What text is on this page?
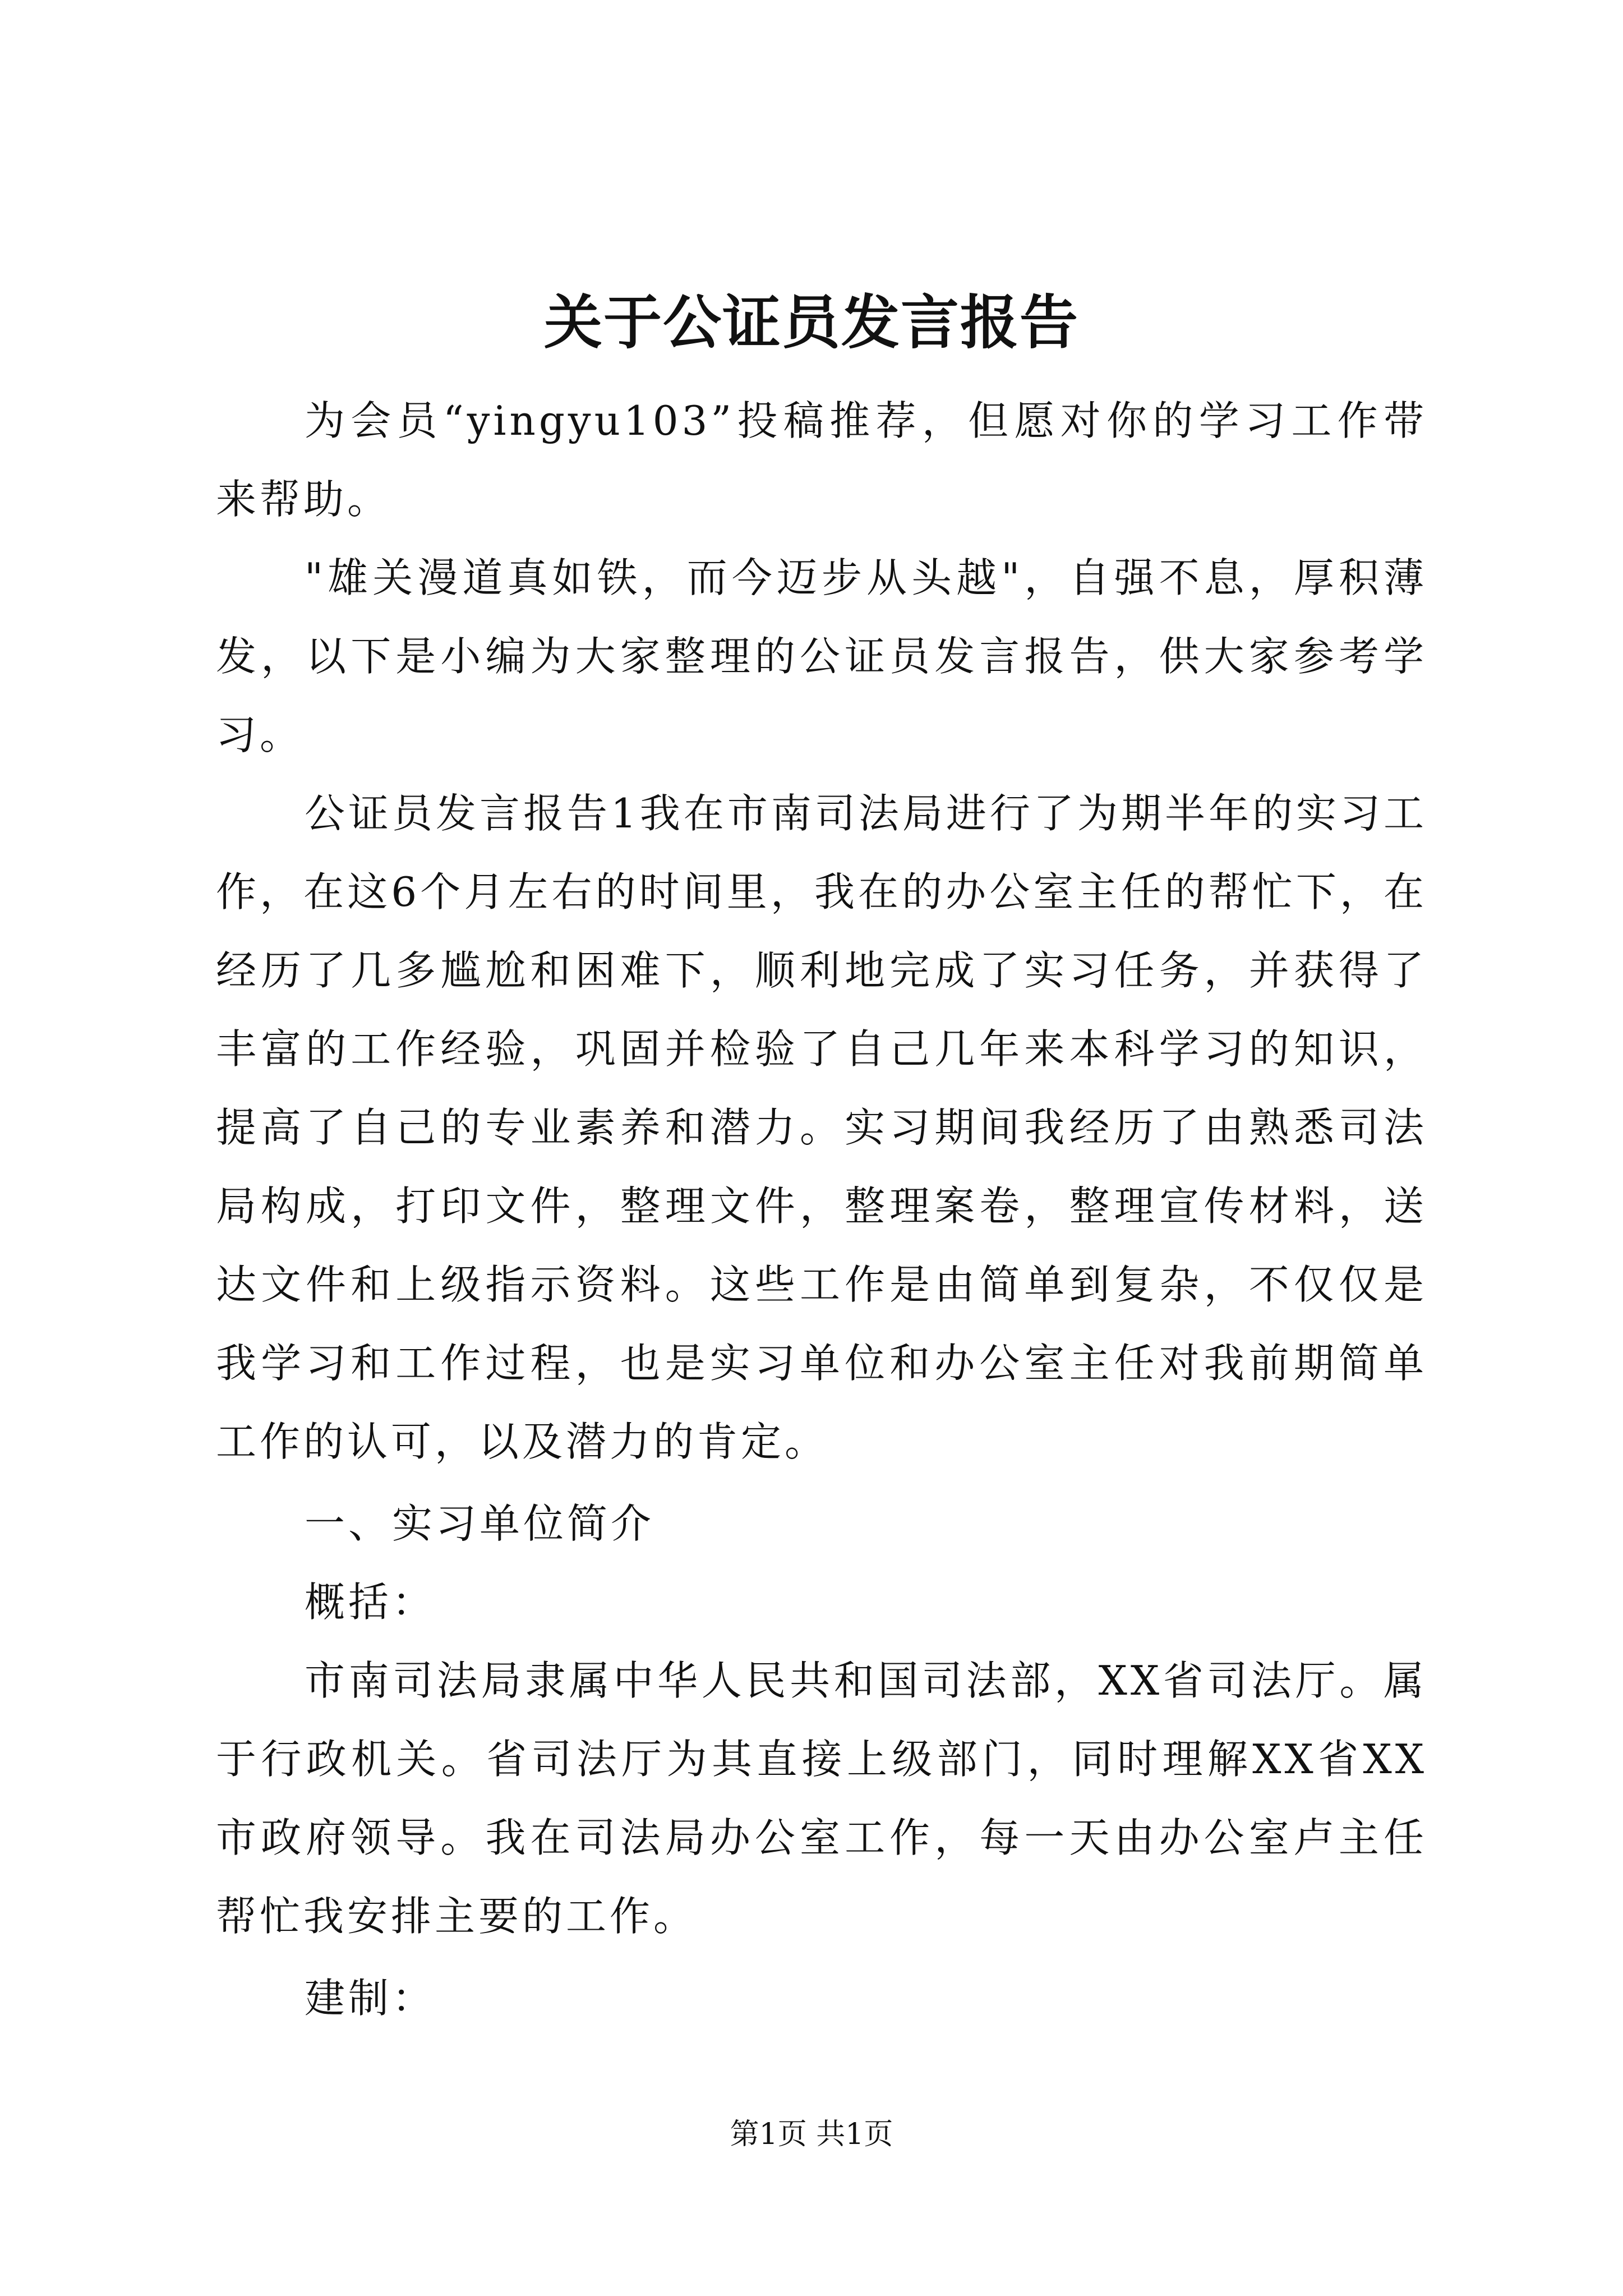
关于公证员发言报告

为会员“yingyu103”投稿推荐，但愿对你的学习工作带来帮助。

"雄关漫道真如铁，而今迈步从头越"，自强不息，厚积薄发，以下是小编为大家整理的公证员发言报告，供大家参考学习。

公证员发言报告1我在市南司法局进行了为期半年的实习工作，在这6个月左右的时间里，我在的办公室主任的帮忙下，在经历了几多尴尬和困难下，顺利地完成了实习任务，并获得了丰富的工作经验，巩固并检验了自己几年来本科学习的知识，提高了自己的专业素养和潜力。实习期间我经历了由熟悉司法局构成，打印文件，整理文件，整理案卷，整理宣传材料，送达文件和上级指示资料。这些工作是由简单到复杂，不仅仅是我学习和工作过程，也是实习单位和办公室主任对我前期简单工作的认可，以及潜力的肯定。

一、实习单位简介

概括：

市南司法局隶属中华人民共和国司法部，XX省司法厅。属于行政机关。省司法厅为其直接上级部门，同时理解XX省XX市政府领导。我在司法局办公室工作，每一天由办公室卢主任帮忙我安排主要的工作。

建制：

第1页 共1页
